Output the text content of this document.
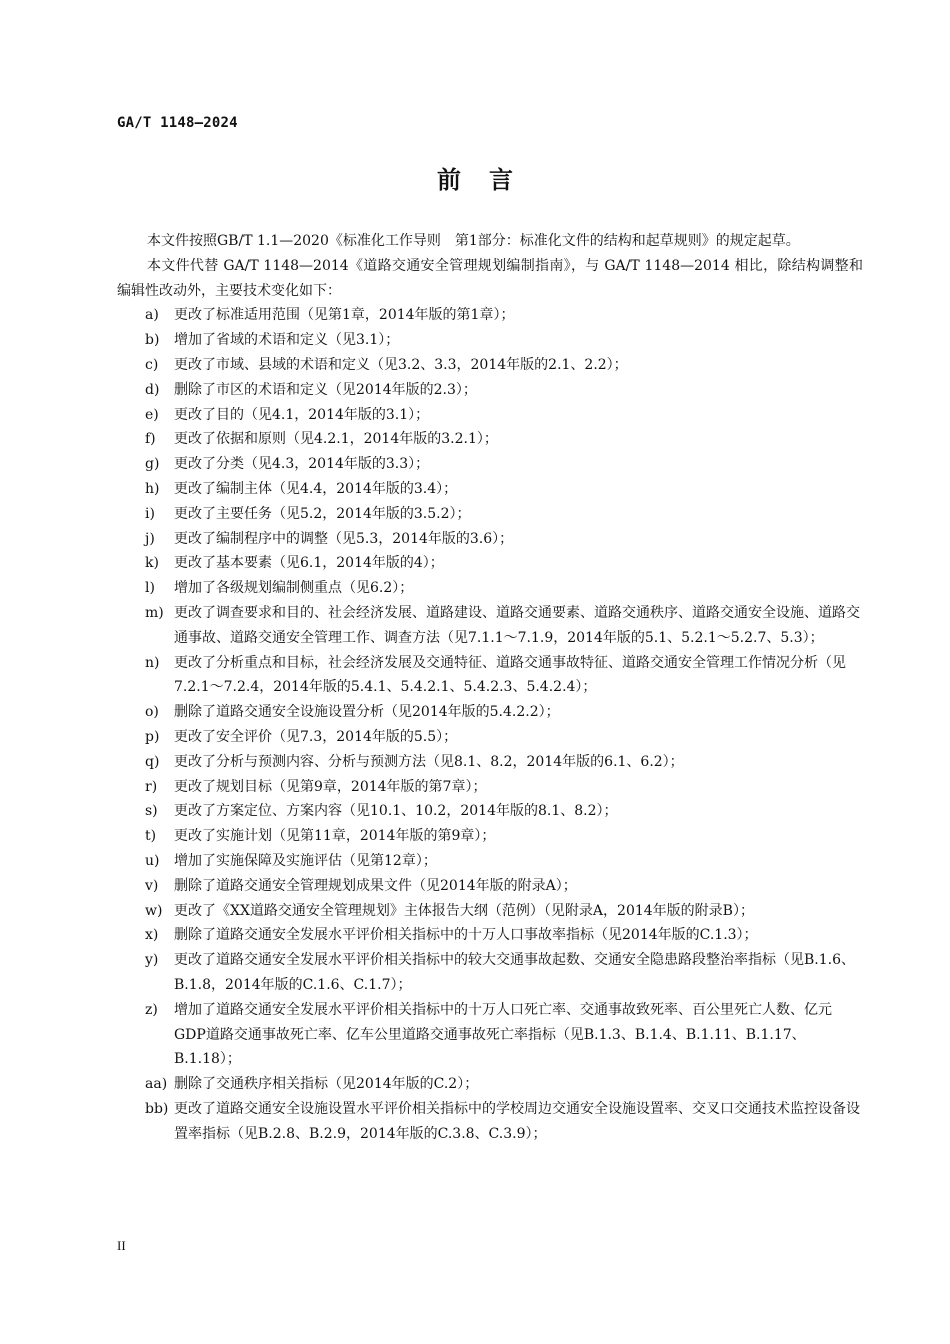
GA/T 1148—2024
前言

本文件按照GB/T 1.1—2020《标准化工作导则　第1部分：标准化文件的结构和起草规则》的规定起草。

本文件代替 GA/T 1148—2014《道路交通安全管理规划编制指南》，与 GA/T 1148—2014 相比，除结构调整和编辑性改动外，主要技术变化如下：

a)	更改了标准适用范围（见第1章，2014年版的第1章）；
b)	增加了省域的术语和定义（见3.1）；
c)	更改了市域、县域的术语和定义（见3.2、3.3，2014年版的2.1、2.2）；
d)	删除了市区的术语和定义（见2014年版的2.3）；
e)	更改了目的（见4.1，2014年版的3.1）；
f)	更改了依据和原则（见4.2.1，2014年版的3.2.1）；
g)	更改了分类（见4.3，2014年版的3.3）；
h)	更改了编制主体（见4.4，2014年版的3.4）；
i)	更改了主要任务（见5.2，2014年版的3.5.2）；
j)	更改了编制程序中的调整（见5.3，2014年版的3.6）；
k)	更改了基本要素（见6.1，2014年版的4）；
l)	增加了各级规划编制侧重点（见6.2）；
m) 更改了调查要求和目的、社会经济发展、道路建设、道路交通要素、道路交通秩序、道路交通安全设施、道路交通事故、道路交通安全管理工作、调查方法（见7.1.1～7.1.9，2014年版的5.1、5.2.1～5.2.7、5.3）；
n)	更改了分析重点和目标，社会经济发展及交通特征、道路交通事故特征、道路交通安全管理工作情况分析（见7.2.1～7.2.4，2014年版的5.4.1、5.4.2.1、5.4.2.3、5.4.2.4）；
o)	删除了道路交通安全设施设置分析（见2014年版的5.4.2.2）；
p)	更改了安全评价（见7.3，2014年版的5.5）；
q)	更改了分析与预测内容、分析与预测方法（见8.1、8.2，2014年版的6.1、6.2）；
r)	更改了规划目标（见第9章，2014年版的第7章）；
s)	更改了方案定位、方案内容（见10.1、10.2，2014年版的8.1、8.2）；
t)	更改了实施计划（见第11章，2014年版的第9章）；
u)	增加了实施保障及实施评估（见第12章）；
v)	删除了道路交通安全管理规划成果文件（见2014年版的附录A）；
w) 更改了《XX道路交通安全管理规划》主体报告大纲（范例）（见附录A，2014年版的附录B）；
x)	删除了道路交通安全发展水平评价相关指标中的十万人口事故率指标（见2014年版的C.1.3）；
y)	更改了道路交通安全发展水平评价相关指标中的较大交通事故起数、交通安全隐患路段整治率指标（见B.1.6、B.1.8，2014年版的C.1.6、C.1.7）；
z)	增加了道路交通安全发展水平评价相关指标中的十万人口死亡率、交通事故致死率、百公里死亡人数、亿元GDP道路交通事故死亡率、亿车公里道路交通事故死亡率指标（见B.1.3、B.1.4、B.1.11、B.1.17、B.1.18）；
aa) 删除了交通秩序相关指标（见2014年版的C.2）；
bb) 更改了道路交通安全设施设置水平评价相关指标中的学校周边交通安全设施设置率、交叉口交通技术监控设备设置率指标（见B.2.8、B.2.9，2014年版的C.3.8、C.3.9）；
II
